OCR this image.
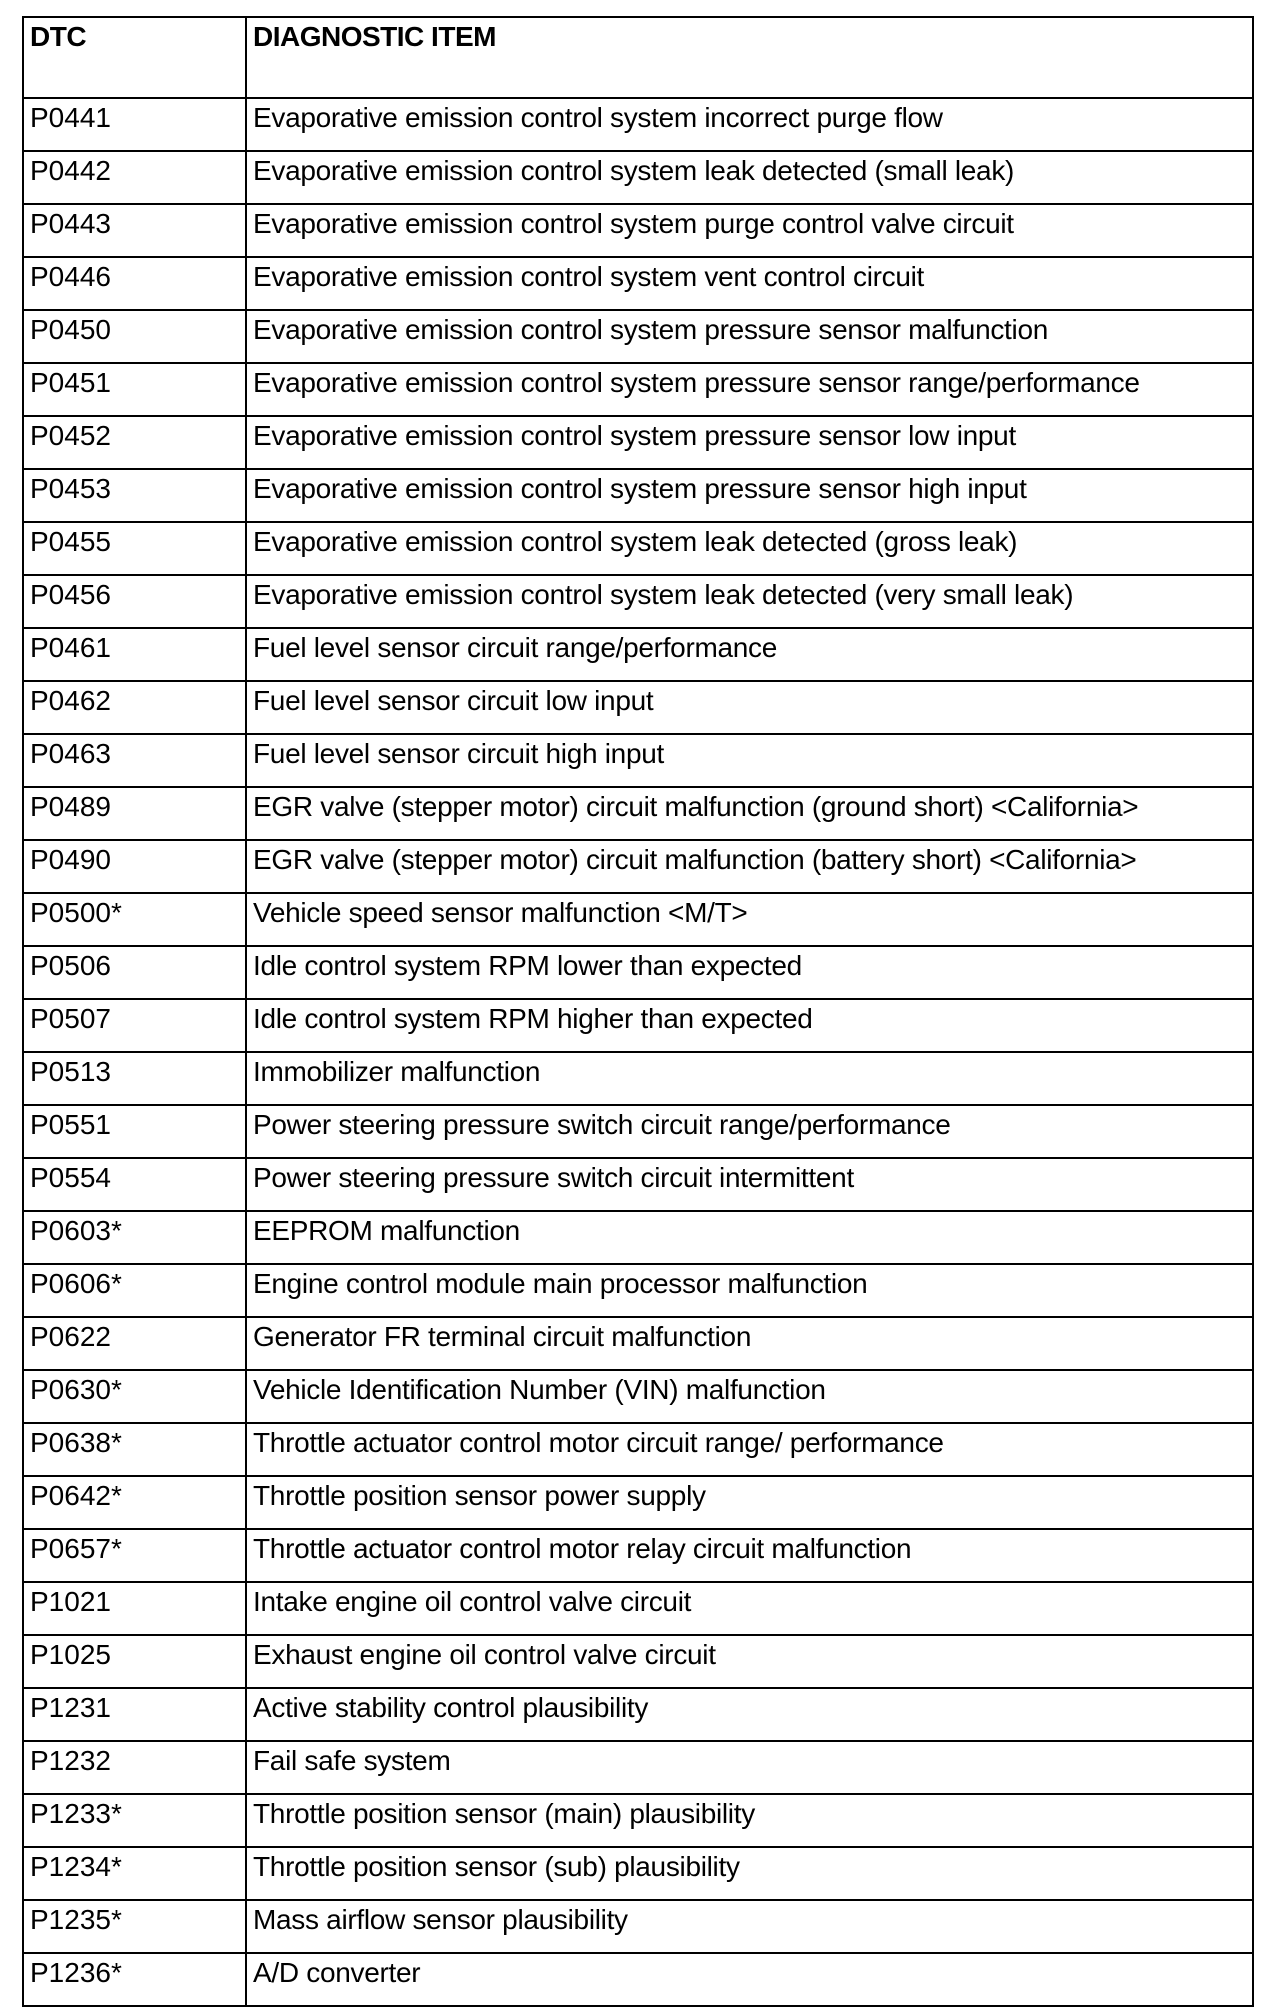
DTC	DIAGNOSTIC ITEM
P0441	Evaporative emission control system incorrect purge flow
P0442	Evaporative emission control system leak detected (small leak)
P0443	Evaporative emission control system purge control valve circuit
P0446	Evaporative emission control system vent control circuit
P0450	Evaporative emission control system pressure sensor malfunction
P0451	Evaporative emission control system pressure sensor range/performance
P0452	Evaporative emission control system pressure sensor low input
P0453	Evaporative emission control system pressure sensor high input
P0455	Evaporative emission control system leak detected (gross leak)
P0456	Evaporative emission control system leak detected (very small leak)
P0461	Fuel level sensor circuit range/performance
P0462	Fuel level sensor circuit low input
P0463	Fuel level sensor circuit high input
P0489	EGR valve (stepper motor) circuit malfunction (ground short) <California>
P0490	EGR valve (stepper motor) circuit malfunction (battery short) <California>
P0500*	Vehicle speed sensor malfunction <M/T>
P0506	Idle control system RPM lower than expected
P0507	Idle control system RPM higher than expected
P0513	Immobilizer malfunction
P0551	Power steering pressure switch circuit range/performance
P0554	Power steering pressure switch circuit intermittent
P0603*	EEPROM malfunction
P0606*	Engine control module main processor malfunction
P0622	Generator FR terminal circuit malfunction
P0630*	Vehicle Identification Number (VIN) malfunction
P0638*	Throttle actuator control motor circuit range/ performance
P0642*	Throttle position sensor power supply
P0657*	Throttle actuator control motor relay circuit malfunction
P1021	Intake engine oil control valve circuit
P1025	Exhaust engine oil control valve circuit
P1231	Active stability control plausibility
P1232	Fail safe system
P1233*	Throttle position sensor (main) plausibility
P1234*	Throttle position sensor (sub) plausibility
P1235*	Mass airflow sensor plausibility
P1236*	A/D converter
